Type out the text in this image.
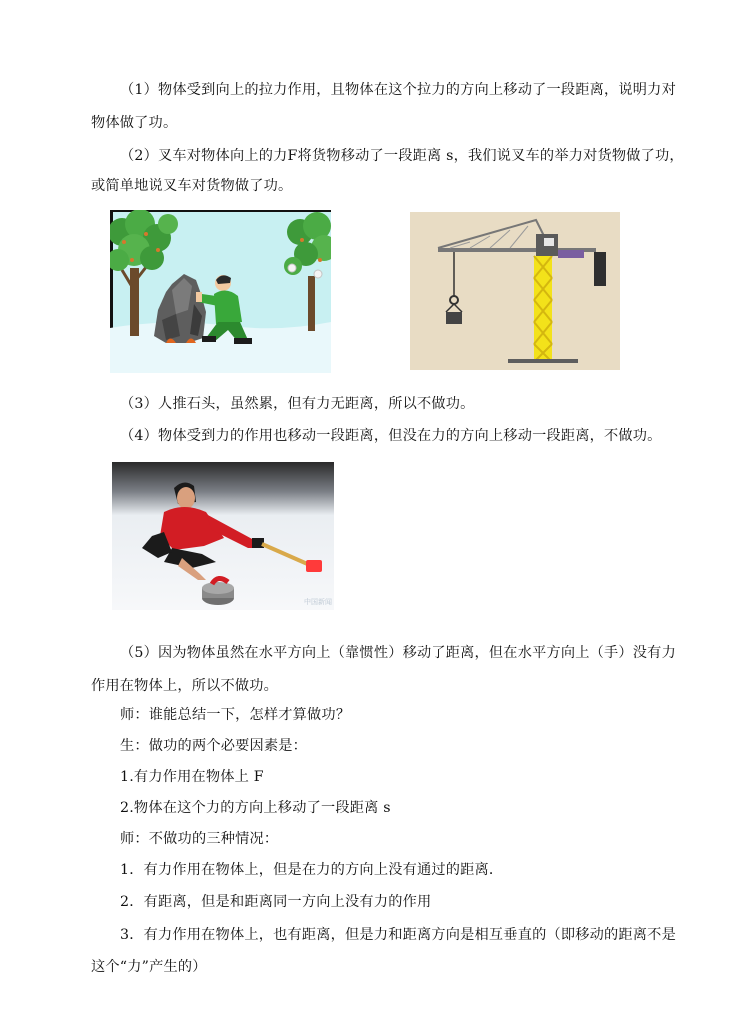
（1）物体受到向上的拉力作用，且物体在这个拉力的方向上移动了一段距离，说明力对
物体做了功。
（2）叉车对物体向上的力F将货物移动了一段距离 s，我们说叉车的举力对货物做了功，
或简单地说叉车对货物做了功。
（3）人推石头，虽然累，但有力无距离，所以不做功。
（4）物体受到力的作用也移动一段距离，但没在力的方向上移动一段距离，不做功。
中国新闻
（5）因为物体虽然在水平方向上（靠惯性）移动了距离，但在水平方向上（手）没有力
作用在物体上，所以不做功。
师：谁能总结一下，怎样才算做功？
生：做功的两个必要因素是：
1.有力作用在物体上 F
2.物体在这个力的方向上移动了一段距离 s
师：不做功的三种情况：
1．有力作用在物体上，但是在力的方向上没有通过的距离．
2．有距离，但是和距离同一方向上没有力的作用
3．有力作用在物体上，也有距离，但是力和距离方向是相互垂直的（即移动的距离不是
这个“力”产生的）
